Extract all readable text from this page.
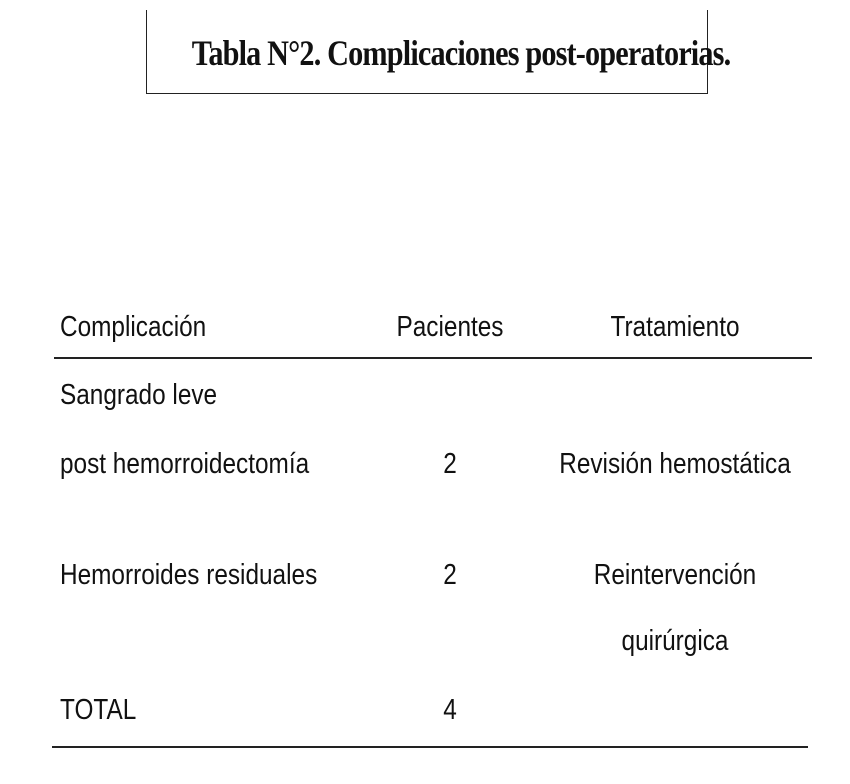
Tabla N°2. Complicaciones post-operatorias.
Complicación	Pacientes	Tratamiento
Sangrado leve
post hemorroidectomía	2	Revisión hemostática
Hemorroides residuales	2	Reintervención
quirúrgica
TOTAL	4
